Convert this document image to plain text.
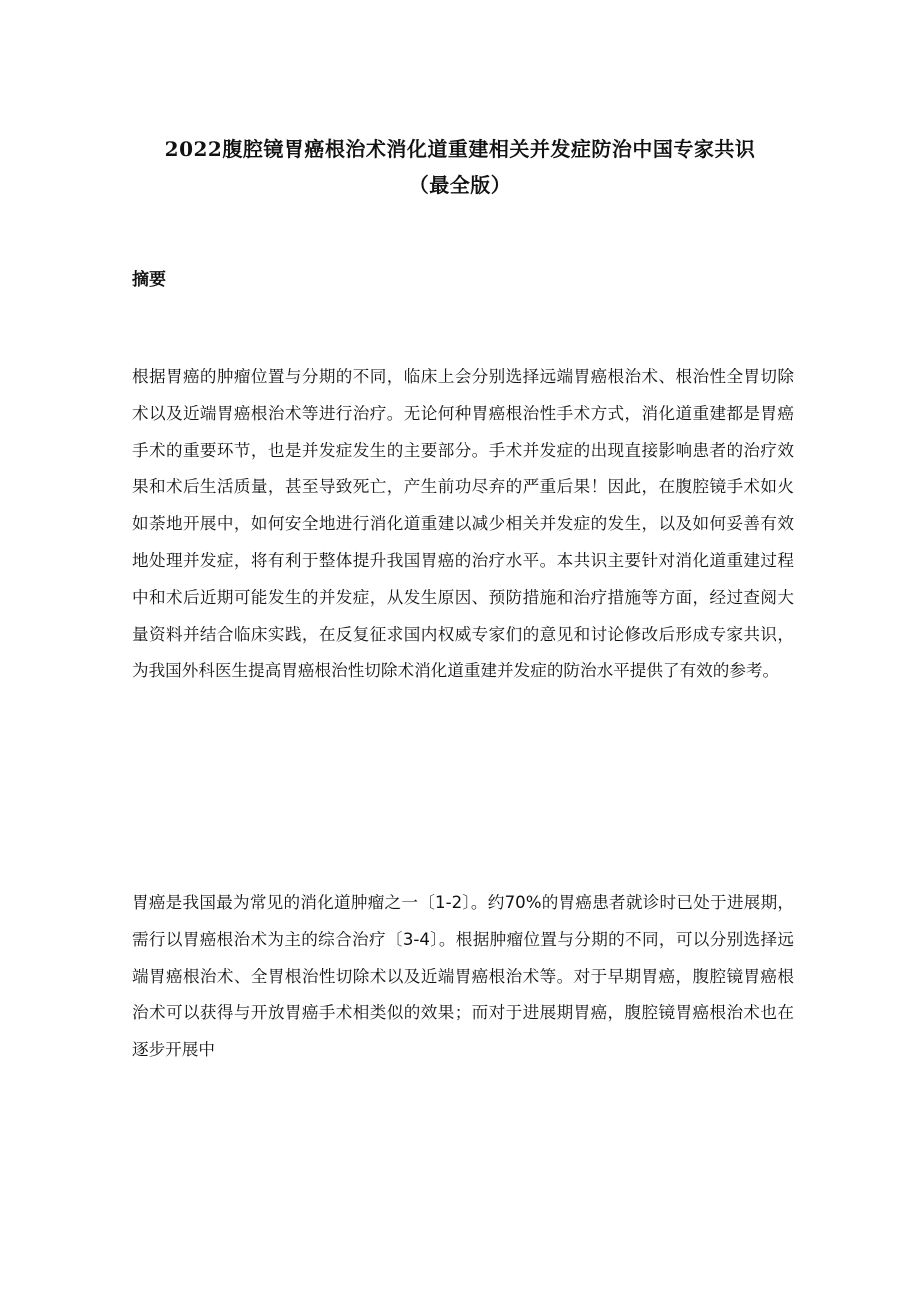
2022腹腔镜胃癌根治术消化道重建相关并发症防治中国专家共识
（最全版）
摘要

根据胃癌的肿瘤位置与分期的不同，临床上会分别选择远端胃癌根治术、根治性全胃切除术以及近端胃癌根治术等进行治疗。无论何种胃癌根治性手术方式，消化道重建都是胃癌手术的重要环节，也是并发症发生的主要部分。手术并发症的出现直接影响患者的治疗效果和术后生活质量，甚至导致死亡，产生前功尽弃的严重后果！因此，在腹腔镜手术如火如荼地开展中，如何安全地进行消化道重建以减少相关并发症的发生，以及如何妥善有效地处理并发症，将有利于整体提升我国胃癌的治疗水平。本共识主要针对消化道重建过程中和术后近期可能发生的并发症，从发生原因、预防措施和治疗措施等方面，经过查阅大量资料并结合临床实践，在反复征求国内权威专家们的意见和讨论修改后形成专家共识，为我国外科医生提高胃癌根治性切除术消化道重建并发症的防治水平提供了有效的参考。

胃癌是我国最为常见的消化道肿瘤之一〔1-2〕。约70%的胃癌患者就诊时已处于进展期，需行以胃癌根治术为主的综合治疗〔3-4〕。根据肿瘤位置与分期的不同，可以分别选择远端胃癌根治术、全胃根治性切除术以及近端胃癌根治术等。对于早期胃癌，腹腔镜胃癌根治术可以获得与开放胃癌手术相类似的效果；而对于进展期胃癌，腹腔镜胃癌根治术也在逐步开展中
